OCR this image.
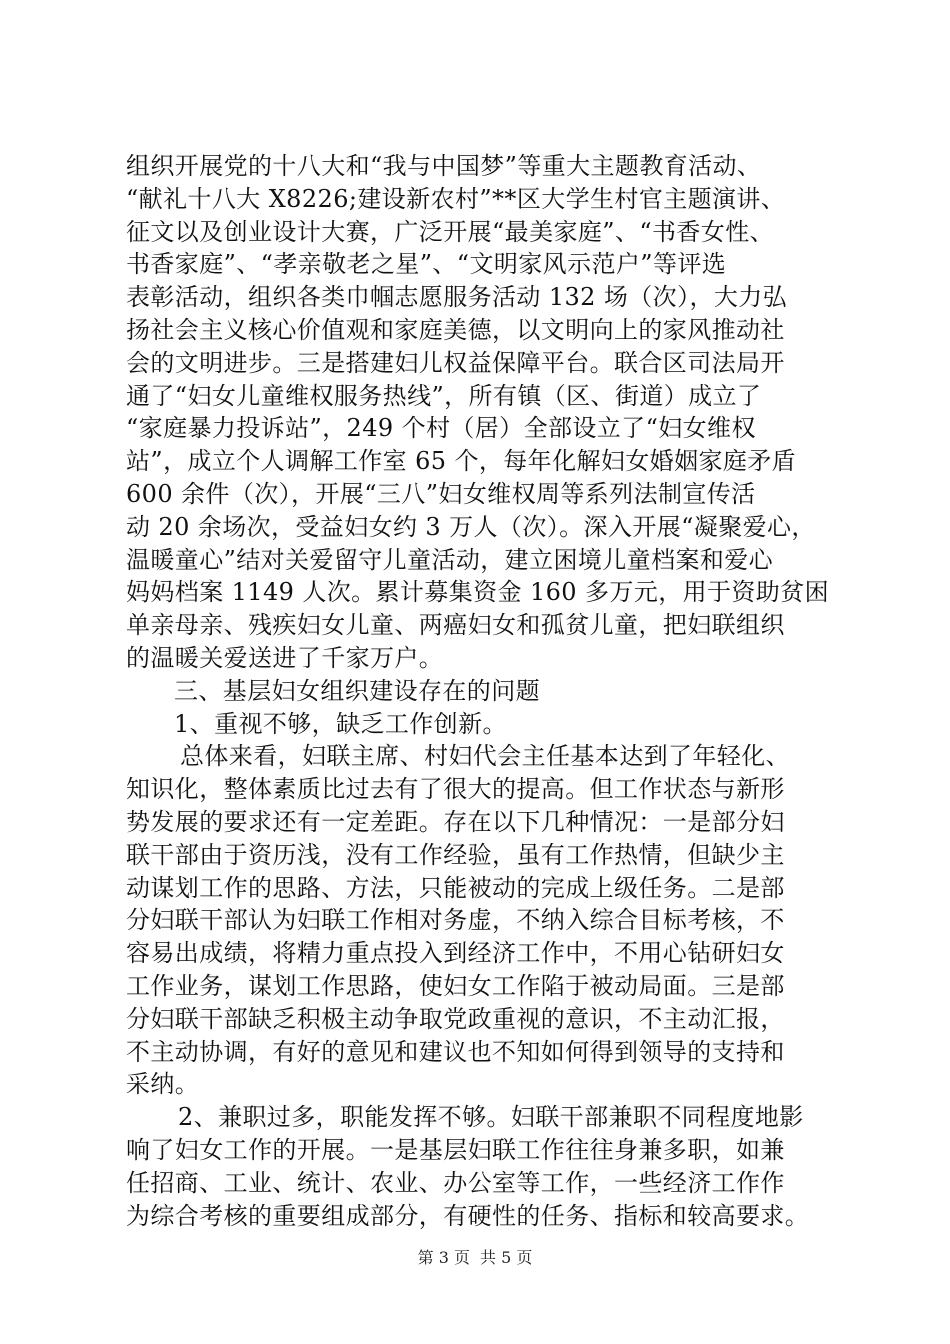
组织开展党的十八大和“我与中国梦”等重大主题教育活动、
“献礼十八大 X8226;建设新农村”**区大学生村官主题演讲、
征文以及创业设计大赛，广泛开展“最美家庭”、“书香女性、
书香家庭”、“孝亲敬老之星”、“文明家风示范户”等评选
表彰活动，组织各类巾帼志愿服务活动 132 场（次），大力弘
扬社会主义核心价值观和家庭美德，以文明向上的家风推动社
会的文明进步。三是搭建妇儿权益保障平台。联合区司法局开
通了“妇女儿童维权服务热线”，所有镇（区、街道）成立了
“家庭暴力投诉站”，249 个村（居）全部设立了“妇女维权
站”，成立个人调解工作室 65 个，每年化解妇女婚姻家庭矛盾
600 余件（次），开展“三八”妇女维权周等系列法制宣传活
动 20 余场次，受益妇女约 3 万人（次）。深入开展“凝聚爱心，
温暖童心”结对关爱留守儿童活动，建立困境儿童档案和爱心
妈妈档案 1149 人次。累计募集资金 160 多万元，用于资助贫困
单亲母亲、残疾妇女儿童、两癌妇女和孤贫儿童，把妇联组织
的温暖关爱送进了千家万户。
三、基层妇女组织建设存在的问题
1、重视不够，缺乏工作创新。
总体来看，妇联主席、村妇代会主任基本达到了年轻化、
知识化，整体素质比过去有了很大的提高。但工作状态与新形
势发展的要求还有一定差距。存在以下几种情况：一是部分妇
联干部由于资历浅，没有工作经验，虽有工作热情，但缺少主
动谋划工作的思路、方法，只能被动的完成上级任务。二是部
分妇联干部认为妇联工作相对务虚，不纳入综合目标考核，不
容易出成绩，将精力重点投入到经济工作中，不用心钻研妇女
工作业务，谋划工作思路，使妇女工作陷于被动局面。三是部
分妇联干部缺乏积极主动争取党政重视的意识，不主动汇报，
不主动协调，有好的意见和建议也不知如何得到领导的支持和
采纳。
2、兼职过多，职能发挥不够。妇联干部兼职不同程度地影
响了妇女工作的开展。一是基层妇联工作往往身兼多职，如兼
任招商、工业、统计、农业、办公室等工作，一些经济工作作
为综合考核的重要组成部分，有硬性的任务、指标和较高要求。
第 3 页 共 5 页
